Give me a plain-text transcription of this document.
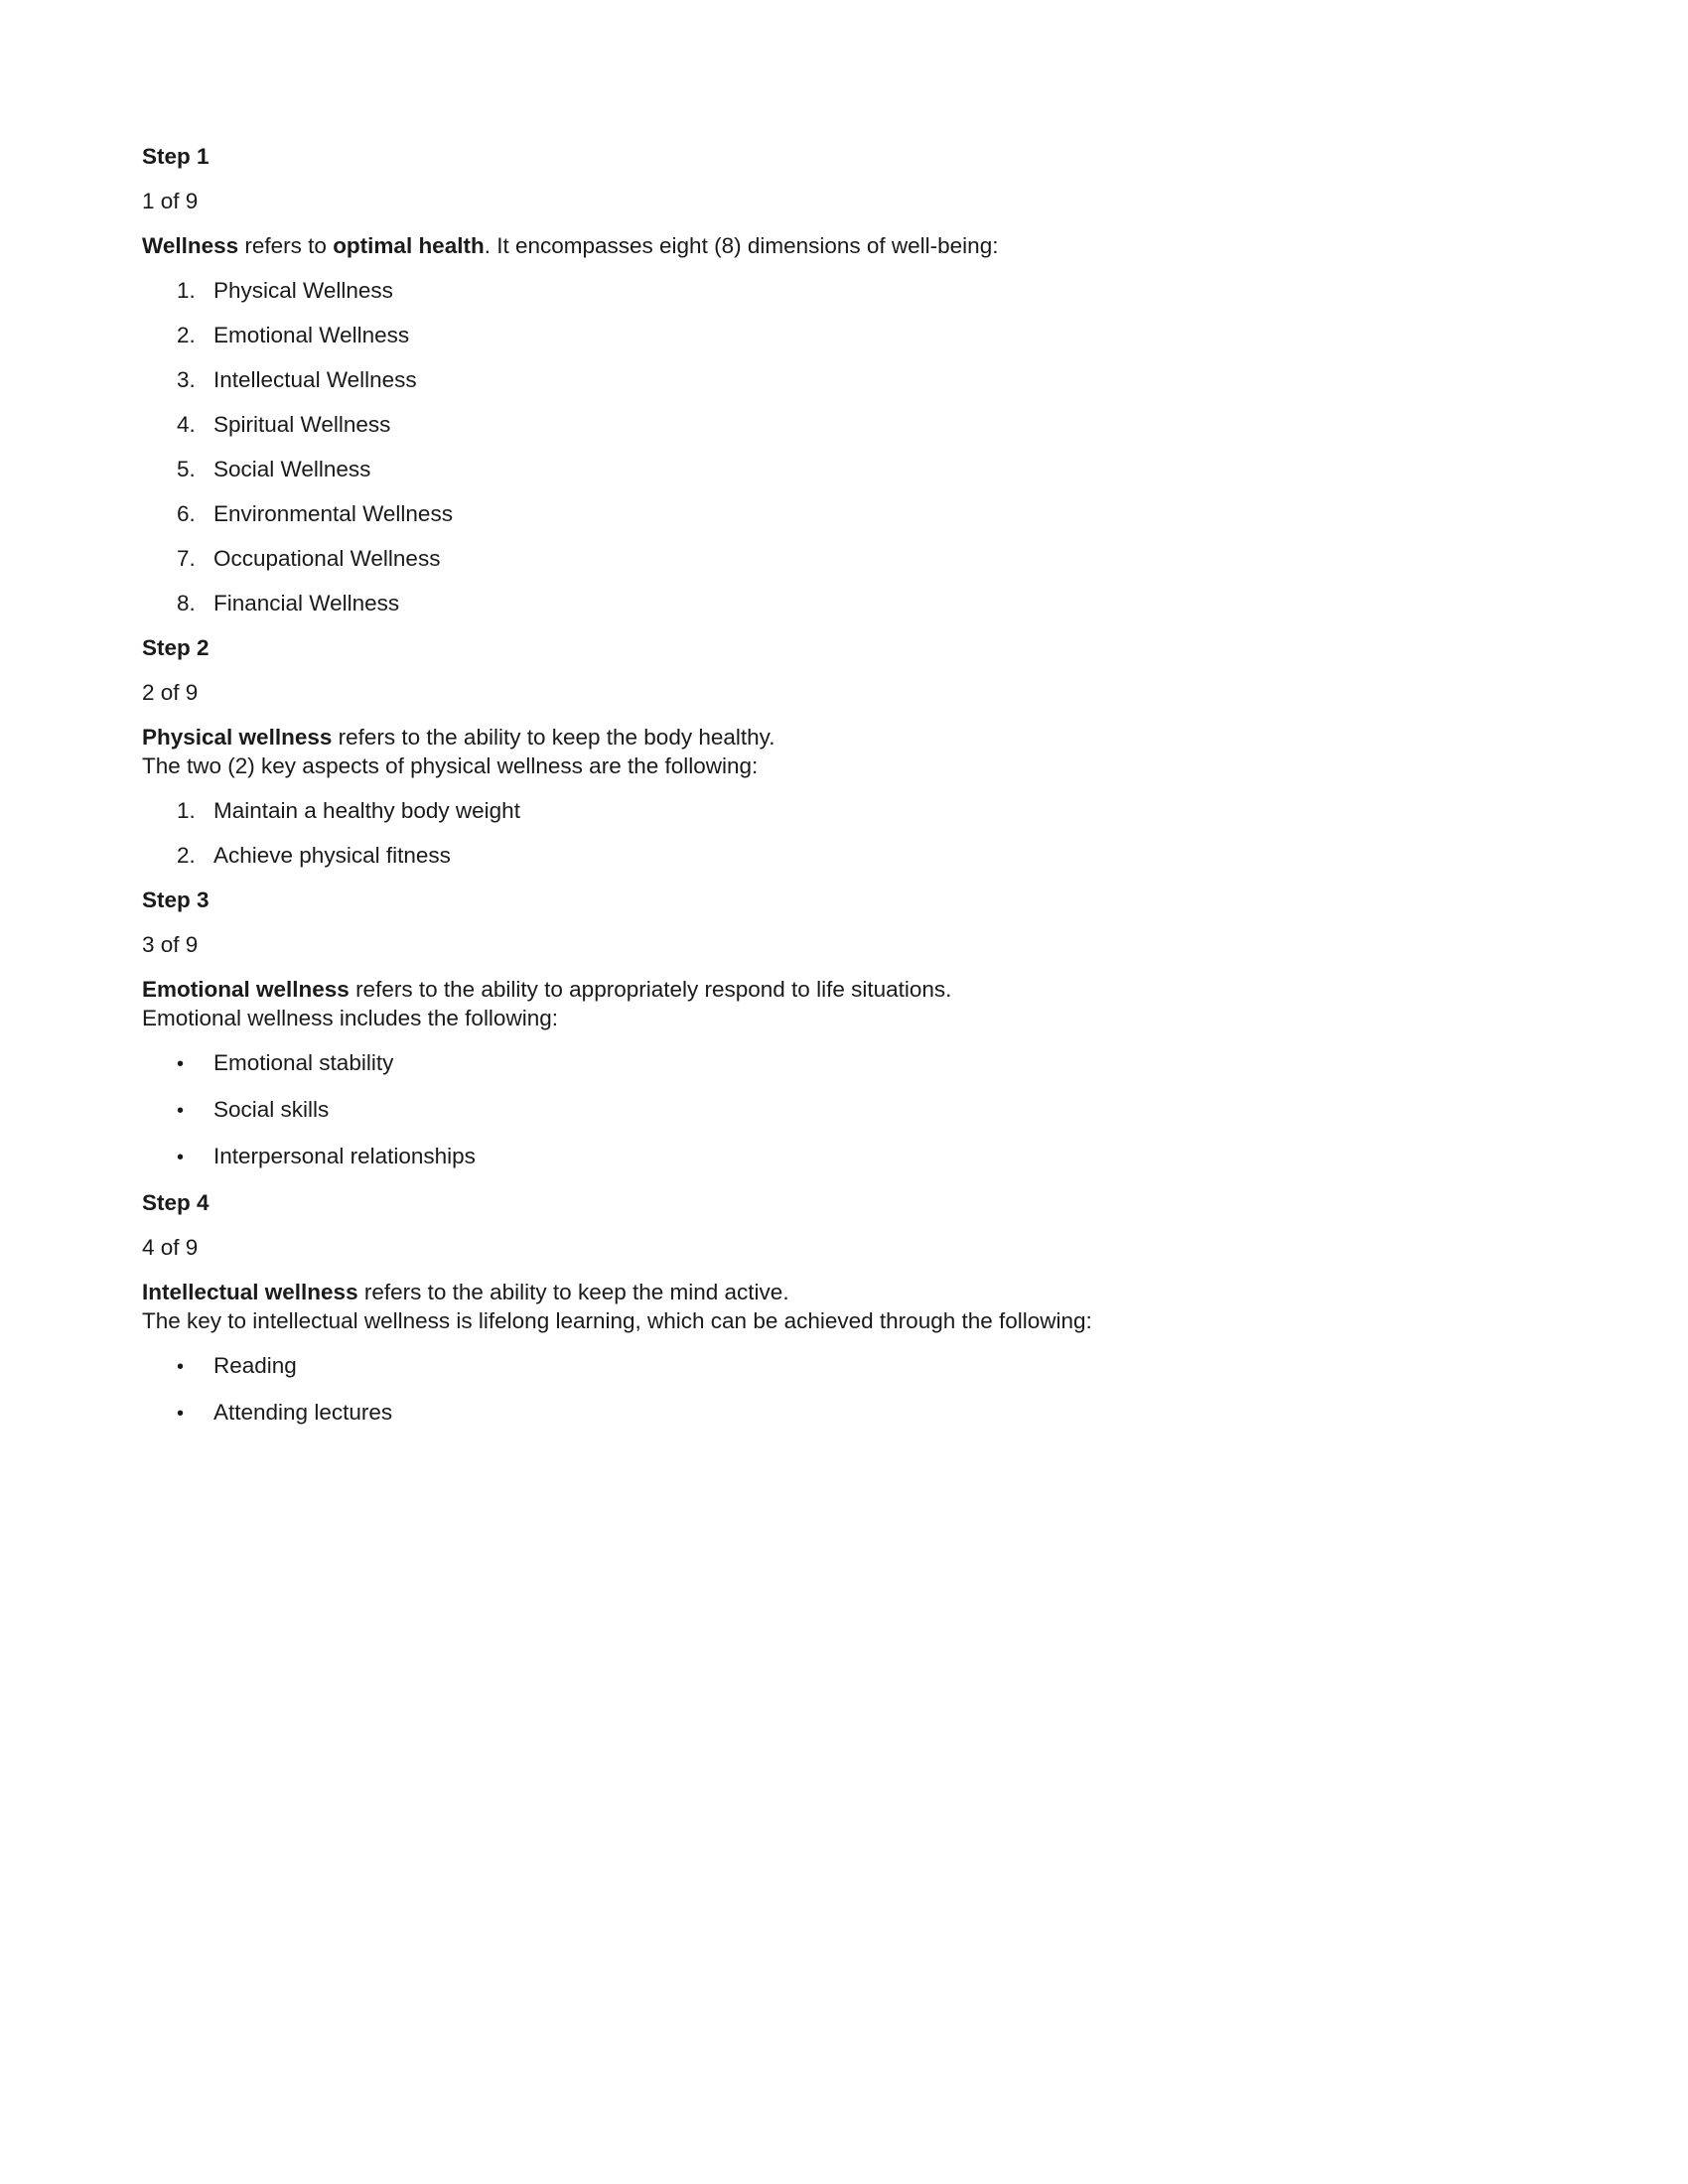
Step 1
1 of 9
Wellness refers to optimal health. It encompasses eight (8) dimensions of well-being:
1. Physical Wellness
2. Emotional Wellness
3. Intellectual Wellness
4. Spiritual Wellness
5. Social Wellness
6. Environmental Wellness
7. Occupational Wellness
8. Financial Wellness
Step 2
2 of 9
Physical wellness refers to the ability to keep the body healthy.
The two (2) key aspects of physical wellness are the following:
1. Maintain a healthy body weight
2. Achieve physical fitness
Step 3
3 of 9
Emotional wellness refers to the ability to appropriately respond to life situations.
Emotional wellness includes the following:
•	Emotional stability
•	Social skills
•	Interpersonal relationships
Step 4
4 of 9
Intellectual wellness refers to the ability to keep the mind active.
The key to intellectual wellness is lifelong learning, which can be achieved through the following:
•	Reading
•	Attending lectures
